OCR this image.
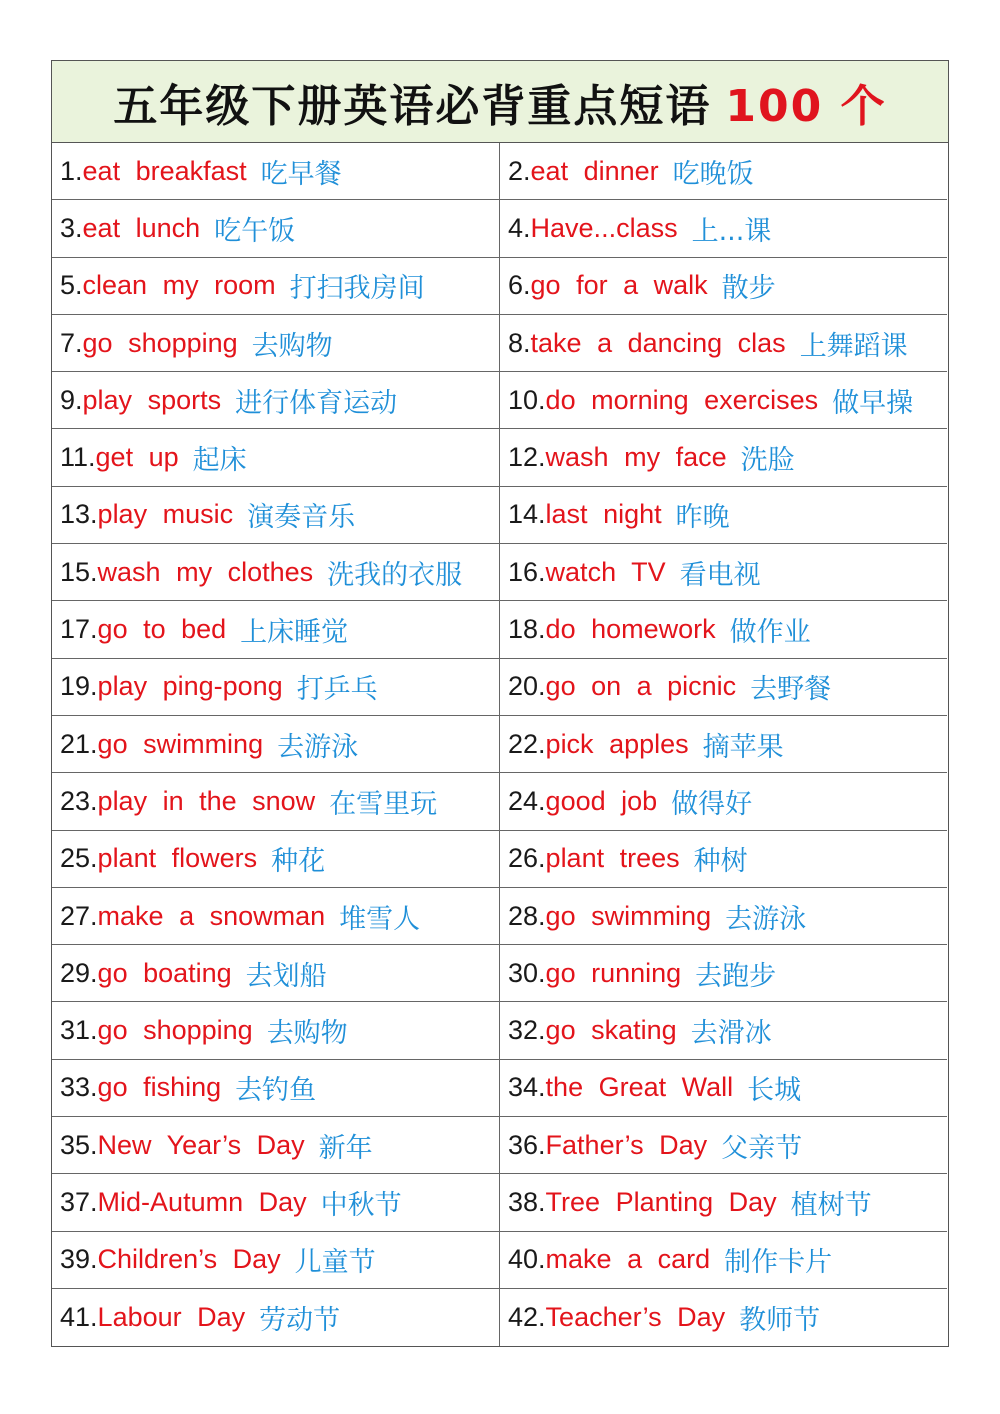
五年级下册英语必背重点短语 100 个
1. eat breakfast 吃早餐	2. eat dinner 吃晚饭
3. eat lunch 吃午饭	4. Have...class 上...课
5. clean my room 打扫我房间	6. go for a walk 散步
7. go shopping 去购物	8. take a dancing clas 上舞蹈课
9. play sports 进行体育运动	10. do morning exercises 做早操
11. get up 起床	12. wash my face 洗脸
13. play music 演奏音乐	14. last night 昨晚
15. wash my clothes 洗我的衣服 16. watch TV 看电视
17. go to bed 上床睡觉	18. do homework 做作业
19. play ping-pong 打乒乓	20. go on a picnic 去野餐
21. go swimming 去游泳	22. pick apples 摘苹果
23. play in the snow 在雪里玩	24. good job 做得好
25. plant flowers 种花	26. plant trees 种树
27. make a snowman 堆雪人	28. go swimming 去游泳
29. go boating 去划船	30. go running 去跑步
31. go shopping 去购物	32. go skating 去滑冰
33. go fishing 去钓鱼	34. the Great Wall 长城
35. New Year’s Day 新年	36. Father’s Day 父亲节
37. Mid-Autumn Day 中秋节	38. Tree Planting Day 植树节
39. Children’s Day 儿童节	40. make a card 制作卡片
41. Labour Day 劳动节	42. Teacher’s Day 教师节
